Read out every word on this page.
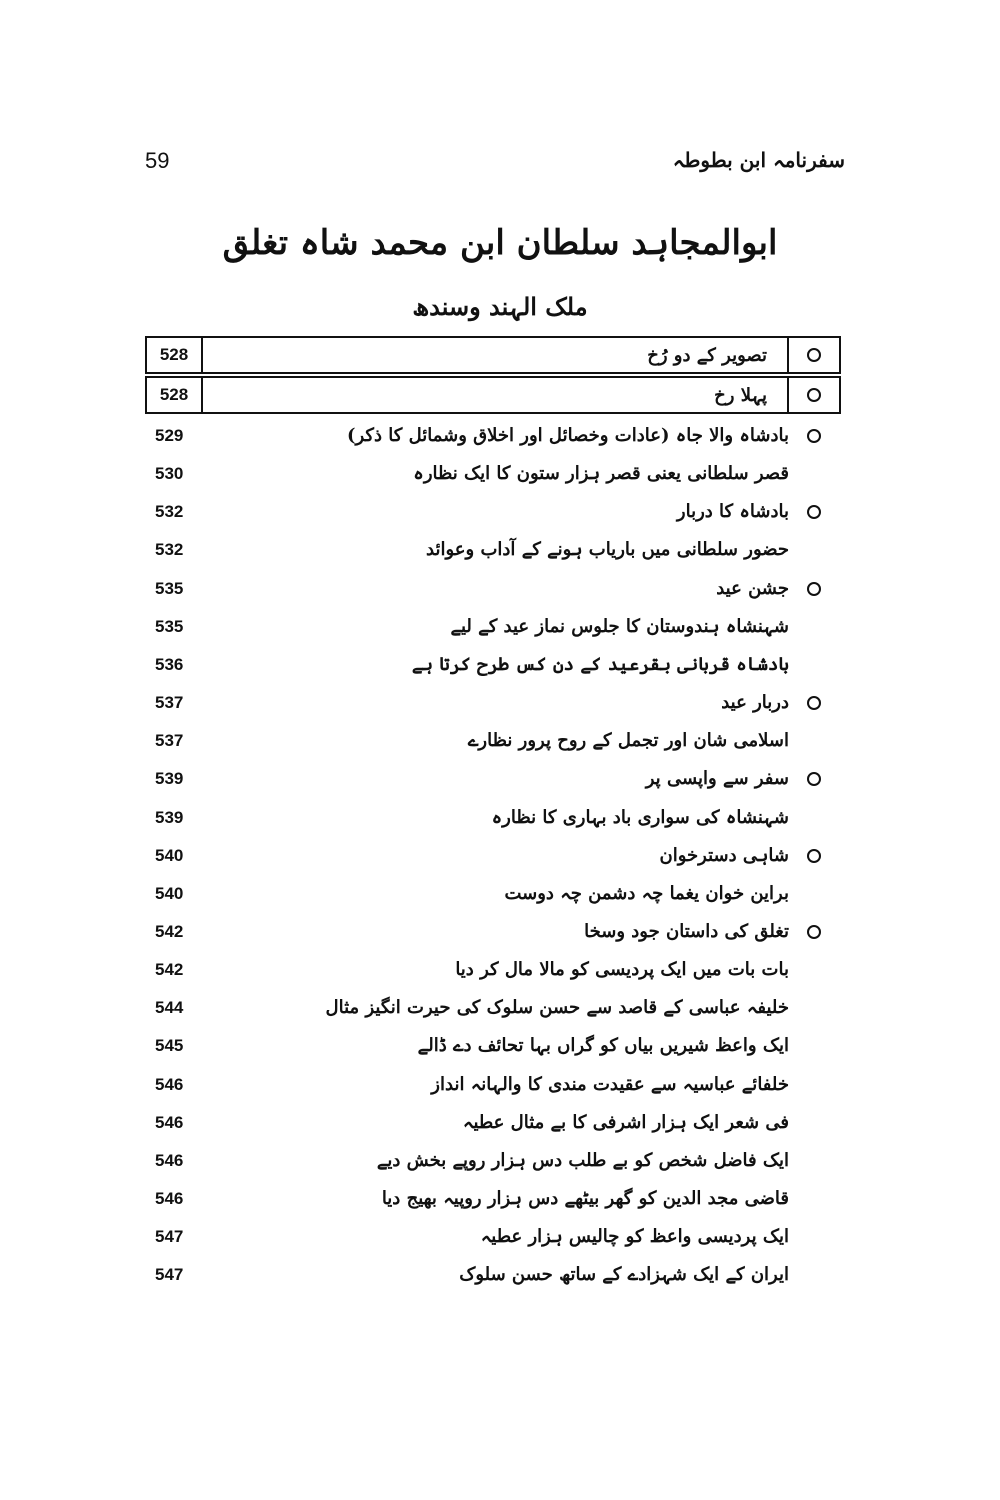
59	سفرنامہ ابن بطوطہ
ابوالمجاہد سلطان ابن محمد شاہ تغلق
ملک الہند وسندھ
528	تصویر کے دو رُخ
528	پہلا رخ
529	بادشاہ والا جاہ (عادات وخصائل اور اخلاق وشمائل کا ذکر)
530	قصر سلطانی یعنی قصر ہزار ستون کا ایک نظارہ
532	بادشاہ کا دربار
532	حضور سلطانی میں باریاب ہونے کے آداب وعوائد
535	جشن عید
535	شہنشاہ ہندوستان کا جلوس نماز عید کے لیے
536	بادشاہ قربانی بقرعید کے دن کس طرح کرتا ہے
537	دربار عید
537	اسلامی شان اور تجمل کے روح پرور نظارے
539	سفر سے واپسی پر
539	شہنشاہ کی سواری باد بہاری کا نظارہ
540	شاہی دسترخوان
540	براین خوان یغما چہ دشمن چہ دوست
542	تغلق کی داستان جود وسخا
542	بات بات میں ایک پردیسی کو مالا مال کر دیا
544	خلیفہ عباسی کے قاصد سے حسن سلوک کی حیرت انگیز مثال
545	ایک واعظ شیریں بیاں کو گراں بہا تحائف دے ڈالے
546	خلفائے عباسیہ سے عقیدت مندی کا والہانہ انداز
546	فی شعر ایک ہزار اشرفی کا بے مثال عطیہ
546	ایک فاضل شخص کو بے طلب دس ہزار روپے بخش دیے
546	قاضی مجد الدین کو گھر بیٹھے دس ہزار روپیہ بھیج دیا
547	ایک پردیسی واعظ کو چالیس ہزار عطیہ
547	ایران کے ایک شہزادے کے ساتھ حسن سلوک
